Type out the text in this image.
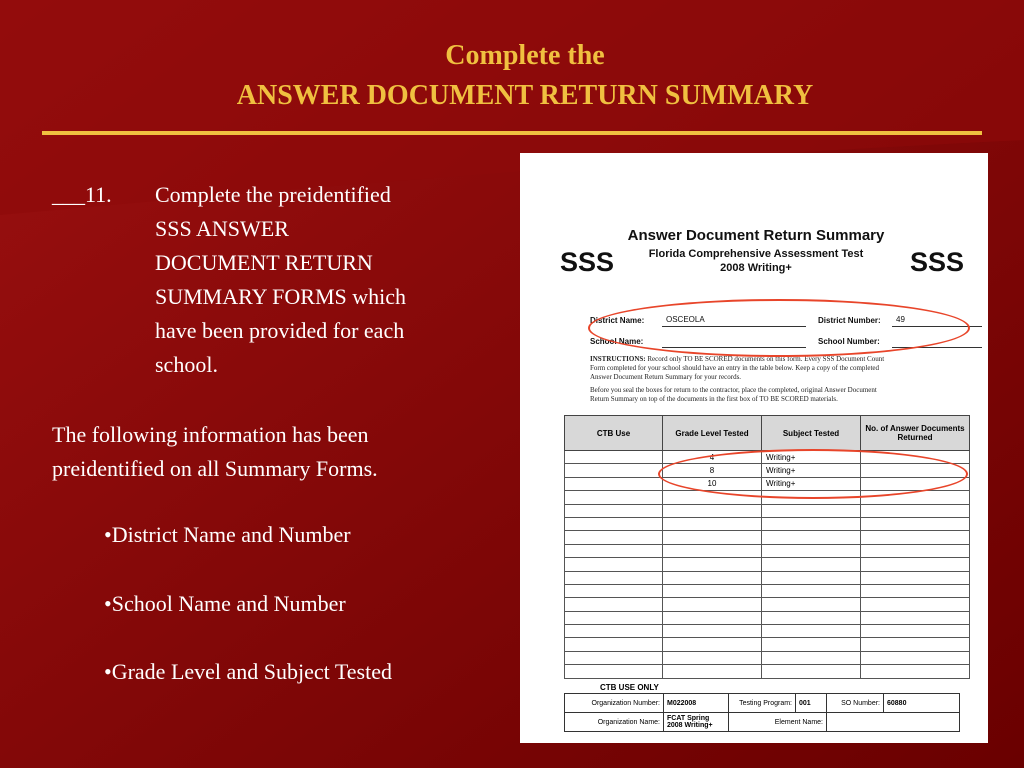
Complete the
ANSWER DOCUMENT RETURN SUMMARY
___11. Complete the preidentified
SSS ANSWER
DOCUMENT RETURN
SUMMARY FORMS which
have been provided for each
school.
The following information has been
preidentified on all Summary Forms.
•District Name and Number
•School Name and Number
•Grade Level and Subject Tested
SSS	SSS
Answer Document Return Summary
Florida Comprehensive Assessment Test
2008 Writing+
District Name:	OSCEOLA	District Number: 49
School Name:	School Number:
INSTRUCTIONS: Record only TO BE SCORED documents on this form. Every SSS Document Count
Form completed for your school should have an entry in the table below. Keep a copy of the completed
Answer Document Return Summary for your records.
Before you seal the boxes for return to the contractor, place the completed, original Answer Document
Return Summary on top of the documents in the first box of TO BE SCORED materials.
CTB Use	Grade Level Tested	Subject Tested	No. of Answer Documents Returned
	4	Writing+	
	8	Writing+	
	10	Writing+	

CTB USE ONLY
Organization Number:	M022008	Testing Program:	001	SO Number:	60880
Organization Name:	FCAT Spring 2008 Writing+	Element Name:			
